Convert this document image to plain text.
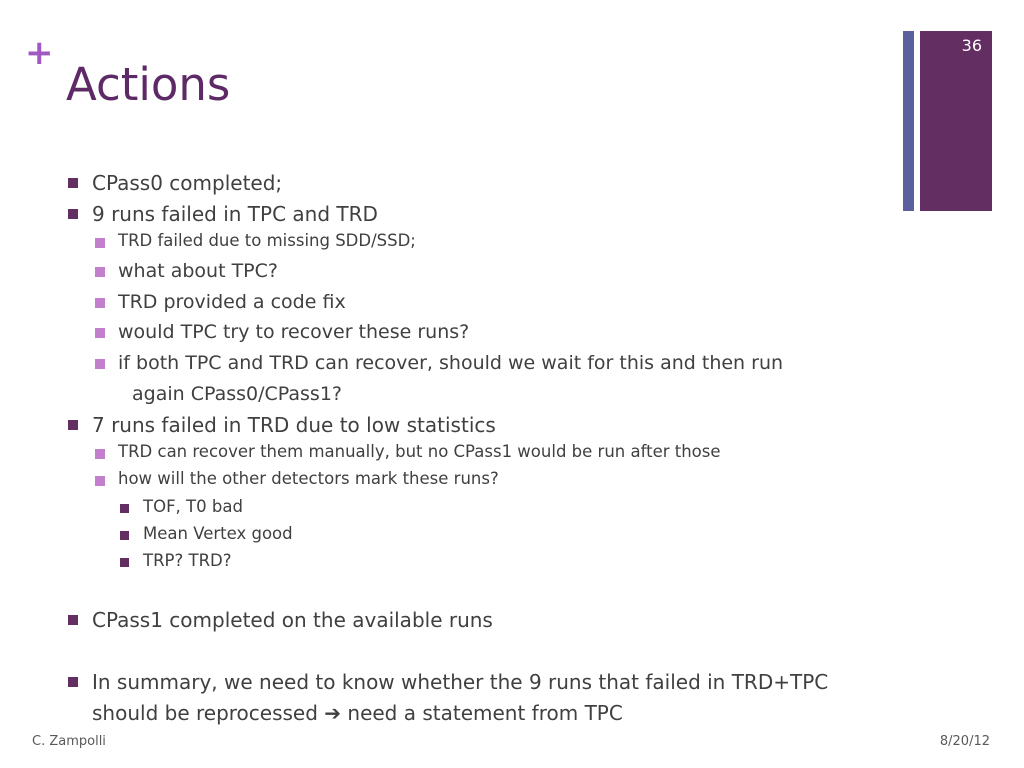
+
Actions
36
CPass0 completed;
9 runs failed in TPC and TRD
TRD failed due to missing SDD/SSD;
what about TPC?
TRD provided a code fix
would TPC try to recover these runs?
if both TPC and TRD can recover, should we wait for this and then run
again CPass0/CPass1?
7 runs failed in TRD due to low statistics
TRD can recover them manually, but no CPass1 would be run after those
how will the other detectors mark these runs?
TOF, T0 bad
Mean Vertex good
TRP? TRD?
CPass1 completed on the available runs
In summary, we need to know whether the 9 runs that failed in TRD+TPC
should be reprocessed ➔ need a statement from TPC
C. Zampolli	8/20/12
